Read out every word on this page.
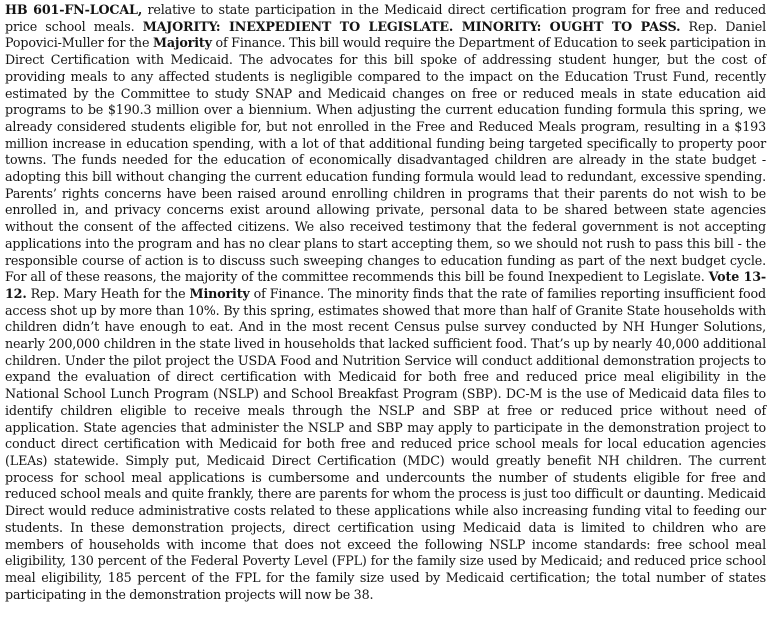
HB 601-FN-LOCAL, relative to state participation in the Medicaid direct certification program for free and reduced price school meals. MAJORITY: INEXPEDIENT TO LEGISLATE. MINORITY: OUGHT TO PASS. Rep. Daniel Popovici-Muller for the Majority of Finance. This bill would require the Department of Education to seek participation in Direct Certification with Medicaid. The advocates for this bill spoke of addressing student hunger, but the cost of providing meals to any affected students is negligible compared to the impact on the Education Trust Fund, recently estimated by the Committee to study SNAP and Medicaid changes on free or reduced meals in state education aid programs to be $190.3 million over a biennium. When adjusting the current education funding formula this spring, we already considered students eligible for, but not enrolled in the Free and Reduced Meals program, resulting in a $193 million increase in education spending, with a lot of that additional funding being targeted specifically to property poor towns. The funds needed for the education of economically disadvantaged children are already in the state budget - adopting this bill without changing the current education funding formula would lead to redundant, excessive spending. Parents’ rights concerns have been raised around enrolling children in programs that their parents do not wish to be enrolled in, and privacy concerns exist around allowing private, personal data to be shared between state agencies without the consent of the affected citizens. We also received testimony that the federal government is not accepting applications into the program and has no clear plans to start accepting them, so we should not rush to pass this bill - the responsible course of action is to discuss such sweeping changes to education funding as part of the next budget cycle. For all of these reasons, the majority of the committee recommends this bill be found Inexpedient to Legislate. Vote 13-12. Rep. Mary Heath for the Minority of Finance. The minority finds that the rate of families reporting insufficient food access shot up by more than 10%. By this spring, estimates showed that more than half of Granite State households with children didn’t have enough to eat. And in the most recent Census pulse survey conducted by NH Hunger Solutions, nearly 200,000 children in the state lived in households that lacked sufficient food. That’s up by nearly 40,000 additional children. Under the pilot project the USDA Food and Nutrition Service will conduct additional demonstration projects to expand the evaluation of direct certification with Medicaid for both free and reduced price meal eligibility in the National School Lunch Program (NSLP) and School Breakfast Program (SBP). DC-M is the use of Medicaid data files to identify children eligible to receive meals through the NSLP and SBP at free or reduced price without need of application. State agencies that administer the NSLP and SBP may apply to participate in the demonstration project to conduct direct certification with Medicaid for both free and reduced price school meals for local education agencies (LEAs) statewide. Simply put, Medicaid Direct Certification (MDC) would greatly benefit NH children. The current process for school meal applications is cumbersome and undercounts the number of students eligible for free and reduced school meals and quite frankly, there are parents for whom the process is just too difficult or daunting. Medicaid Direct would reduce administrative costs related to these applications while also increasing funding vital to feeding our students. In these demonstration projects, direct certification using Medicaid data is limited to children who are members of households with income that does not exceed the following NSLP income standards: free school meal eligibility, 130 percent of the Federal Poverty Level (FPL) for the family size used by Medicaid; and reduced price school meal eligibility, 185 percent of the FPL for the family size used by Medicaid certification; the total number of states participating in the demonstration projects will now be 38.
